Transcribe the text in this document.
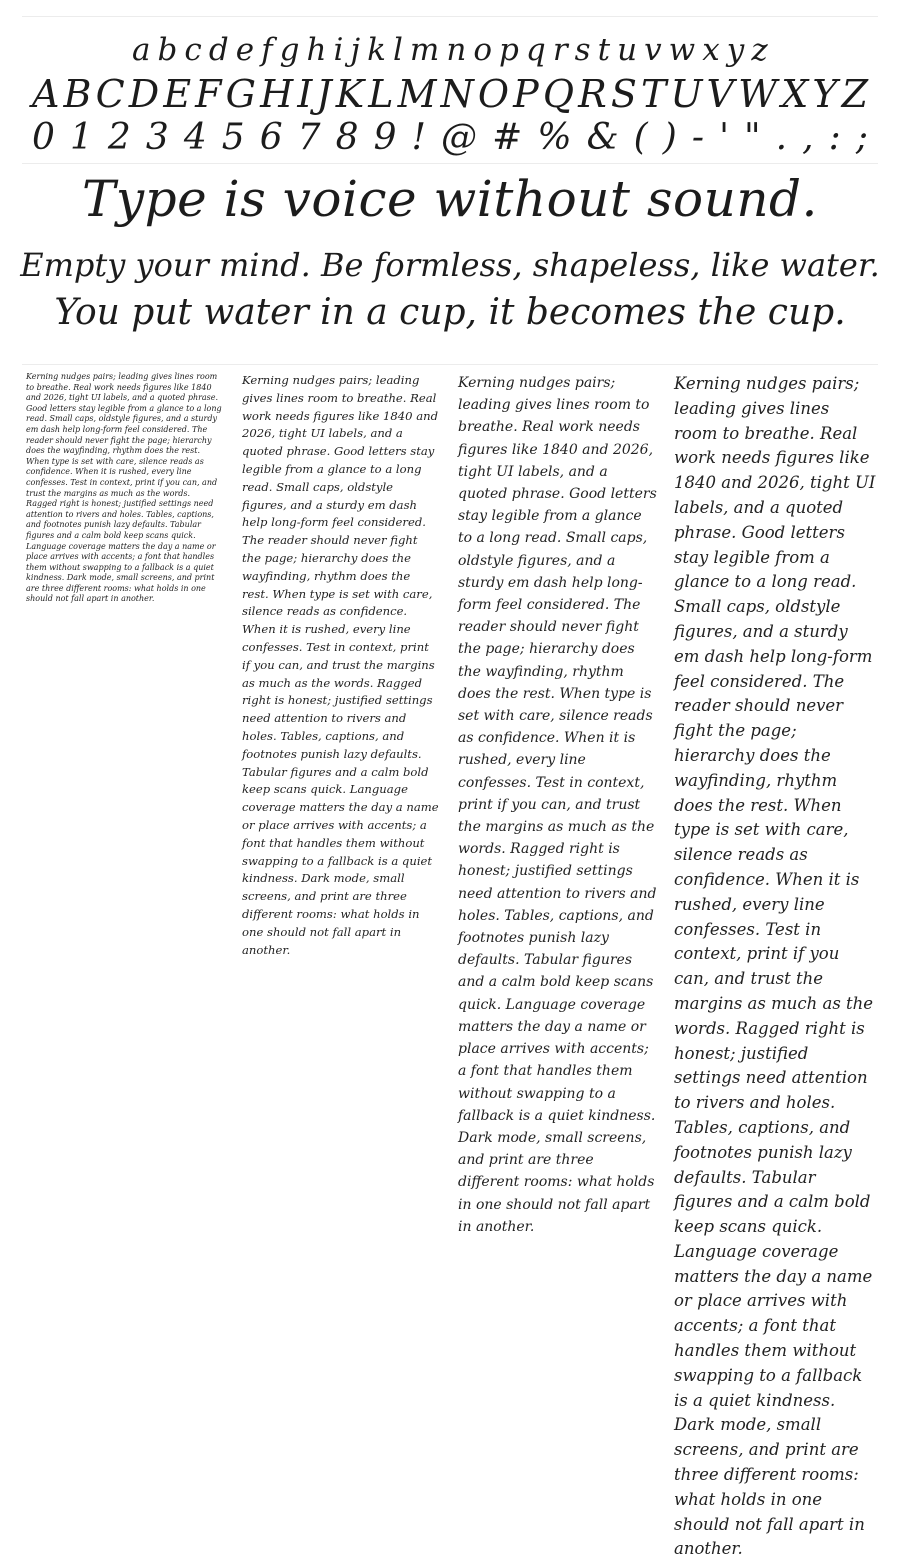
a b c d e f g h i j k l m n o p q r s t u v w x y z
A B C D E F G H I J K L M N O P Q R S T U V W X Y Z
0 1 2 3 4 5 6 7 8 9 ! @ # % & ( ) - ' " . , : ;
Type is voice without sound.
Empty your mind. Be formless, shapeless, like water.
You put water in a cup, it becomes the cup.
Kerning nudges pairs; leading gives lines room to breathe. Real work needs figures like 1840 and 2026, tight UI labels, and a quoted phrase. Good letters stay legible from a glance to a long read. Small caps, oldstyle figures, and a sturdy em dash help long-form feel considered. The reader should never fight the page; hierarchy does the wayfinding, rhythm does the rest. When type is set with care, silence reads as confidence. When it is rushed, every line confesses. Test in context, print if you can, and trust the margins as much as the words. Ragged right is honest; justified settings need attention to rivers and holes. Tables, captions, and footnotes punish lazy defaults. Tabular figures and a calm bold keep scans quick. Language coverage matters the day a name or place arrives with accents; a font that handles them without swapping to a fallback is a quiet kindness. Dark mode, small screens, and print are three different rooms: what holds in one should not fall apart in another.
Kerning nudges pairs; leading gives lines room to breathe. Real work needs figures like 1840 and 2026, tight UI labels, and a quoted phrase. Good letters stay legible from a glance to a long read. Small caps, oldstyle figures, and a sturdy em dash help long-form feel considered. The reader should never fight the page; hierarchy does the wayfinding, rhythm does the rest. When type is set with care, silence reads as confidence. When it is rushed, every line confesses. Test in context, print if you can, and trust the margins as much as the words. Ragged right is honest; justified settings need attention to rivers and holes. Tables, captions, and footnotes punish lazy defaults. Tabular figures and a calm bold keep scans quick. Language coverage matters the day a name or place arrives with accents; a font that handles them without swapping to a fallback is a quiet kindness. Dark mode, small screens, and print are three different rooms: what holds in one should not fall apart in another.
Kerning nudges pairs; leading gives lines room to breathe. Real work needs figures like 1840 and 2026, tight UI labels, and a quoted phrase. Good letters stay legible from a glance to a long read. Small caps, oldstyle figures, and a sturdy em dash help long-form feel considered. The reader should never fight the page; hierarchy does the wayfinding, rhythm does the rest. When type is set with care, silence reads as confidence. When it is rushed, every line confesses. Test in context, print if you can, and trust the margins as much as the words. Ragged right is honest; justified settings need attention to rivers and holes. Tables, captions, and footnotes punish lazy defaults. Tabular figures and a calm bold keep scans quick. Language coverage matters the day a name or place arrives with accents; a font that handles them without swapping to a fallback is a quiet kindness. Dark mode, small screens, and print are three different rooms: what holds in one should not fall apart in another.
Kerning nudges pairs; leading gives lines room to breathe. Real work needs figures like 1840 and 2026, tight UI labels, and a quoted phrase. Good letters stay legible from a glance to a long read. Small caps, oldstyle figures, and a sturdy em dash help long-form feel considered. The reader should never fight the page; hierarchy does the wayfinding, rhythm does the rest. When type is set with care, silence reads as confidence. When it is rushed, every line confesses. Test in context, print if you can, and trust the margins as much as the words. Ragged right is honest; justified settings need attention to rivers and holes. Tables, captions, and footnotes punish lazy defaults. Tabular figures and a calm bold keep scans quick. Language coverage matters the day a name or place arrives with accents; a font that handles them without swapping to a fallback is a quiet kindness. Dark mode, small screens, and print are three different rooms: what holds in one should not fall apart in another.
